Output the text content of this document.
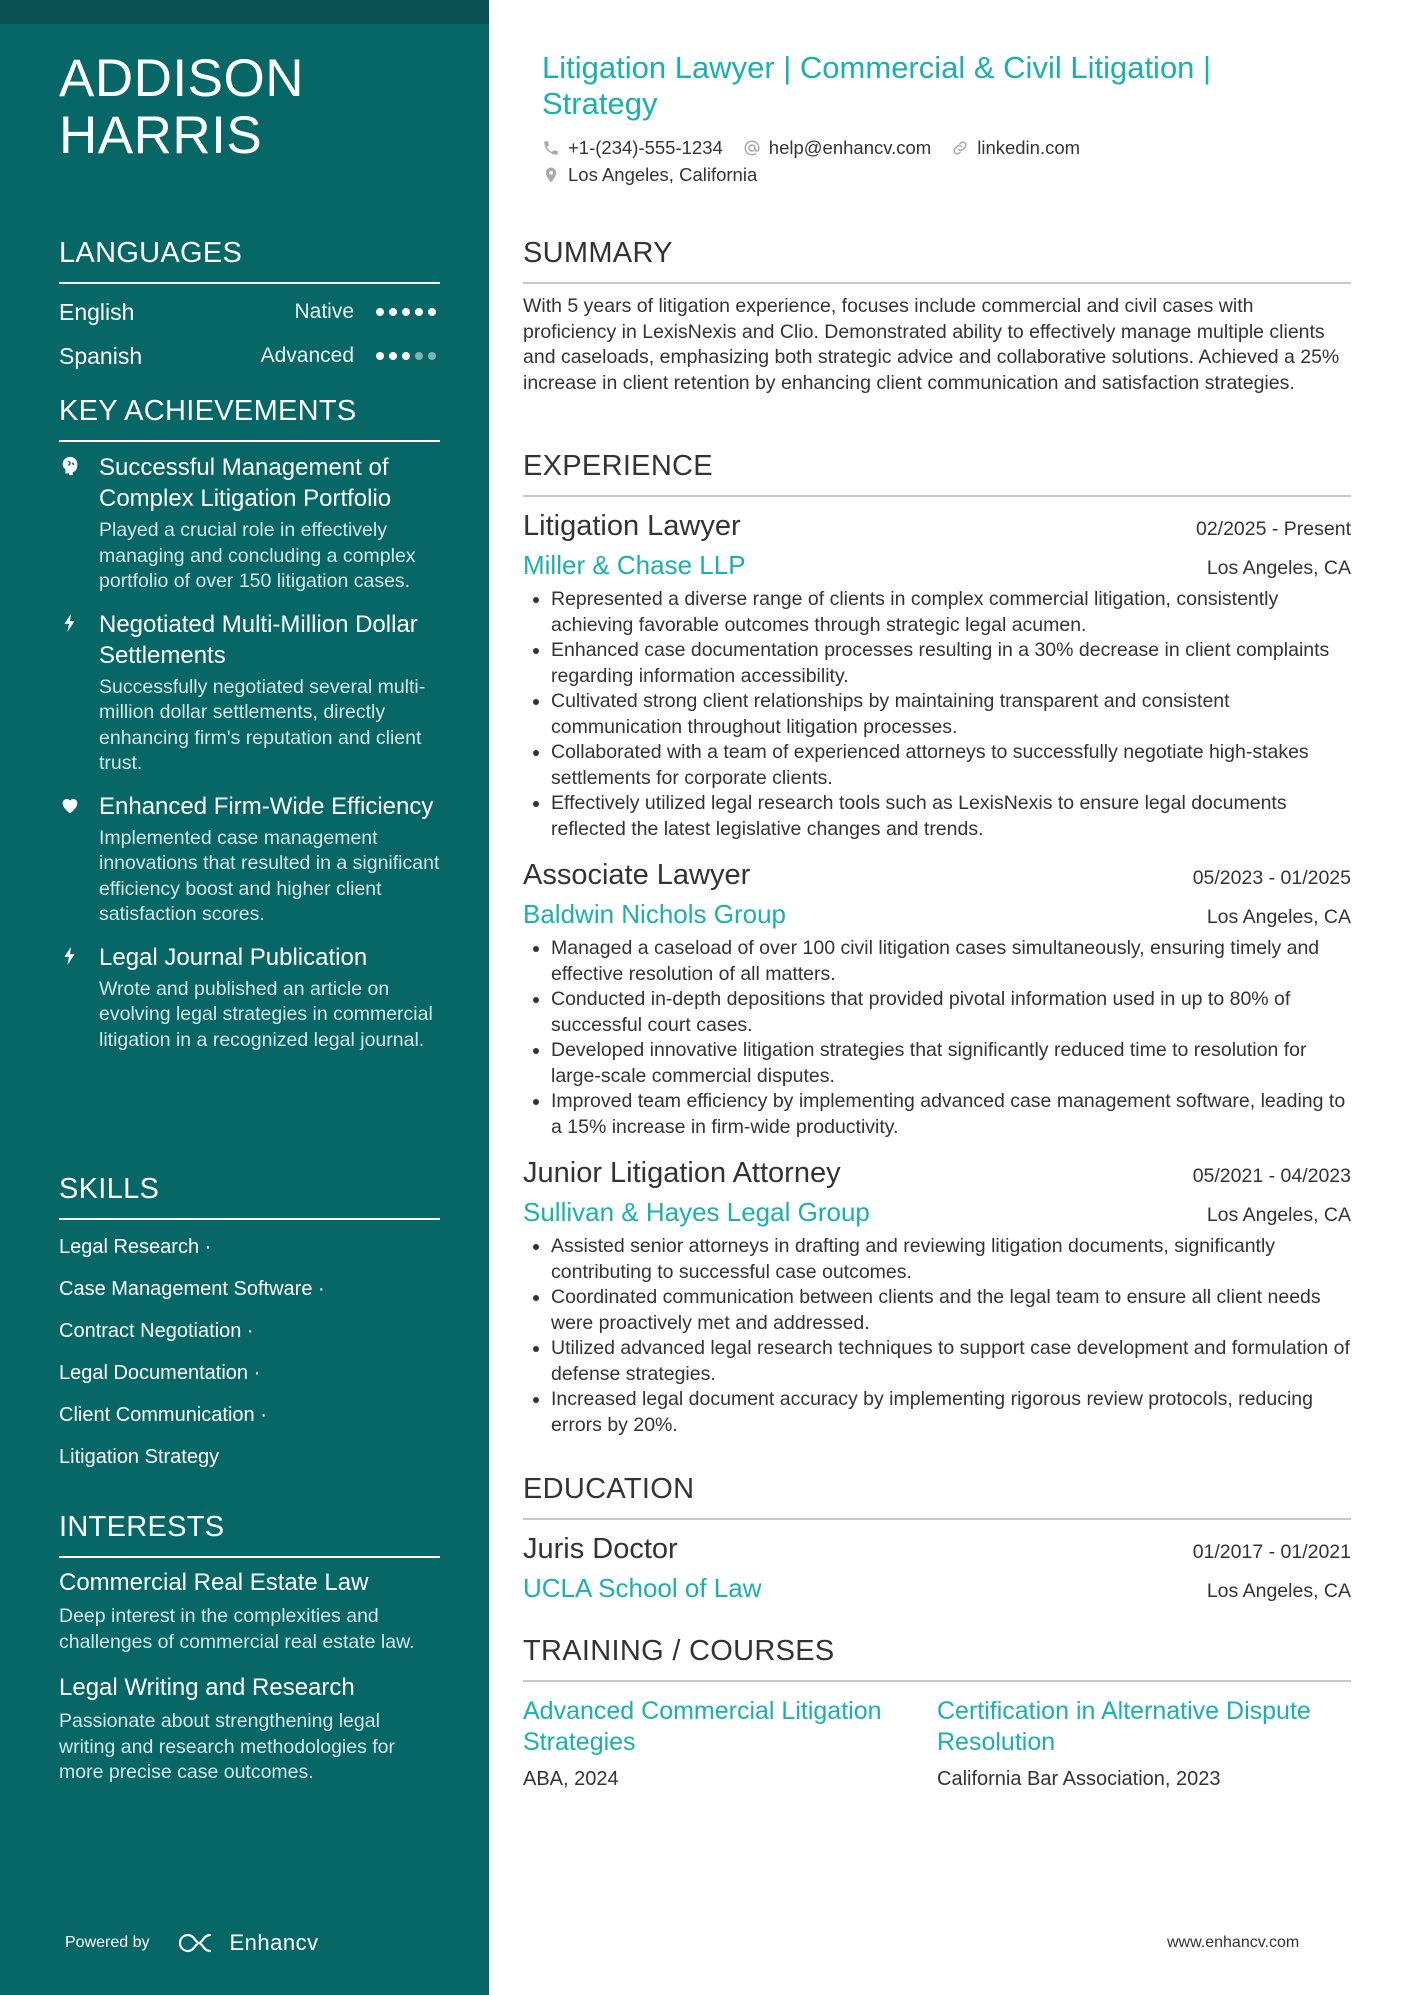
ADDISON
HARRIS
LANGUAGES
English	Native
Spanish	Advanced
KEY ACHIEVEMENTS
Successful Management of Complex Litigation Portfolio
Played a crucial role in effectively managing and concluding a complex portfolio of over 150 litigation cases.
Negotiated Multi-Million Dollar Settlements
Successfully negotiated several multi-million dollar settlements, directly enhancing firm's reputation and client trust.
Enhanced Firm-Wide Efficiency
Implemented case management innovations that resulted in a significant efficiency boost and higher client satisfaction scores.
Legal Journal Publication
Wrote and published an article on evolving legal strategies in commercial litigation in a recognized legal journal.
SKILLS
Legal Research ·
Case Management Software ·
Contract Negotiation ·
Legal Documentation ·
Client Communication ·
Litigation Strategy
INTERESTS
Commercial Real Estate Law
Deep interest in the complexities and challenges of commercial real estate law.
Legal Writing and Research
Passionate about strengthening legal writing and research methodologies for more precise case outcomes.
Powered by	Enhancv
Litigation Lawyer | Commercial & Civil Litigation | Strategy
+1-(234)-555-1234 help@enhancv.com linkedin.com
Los Angeles, California
SUMMARY
With 5 years of litigation experience, focuses include commercial and civil cases with proficiency in LexisNexis and Clio. Demonstrated ability to effectively manage multiple clients and caseloads, emphasizing both strategic advice and collaborative solutions. Achieved a 25% increase in client retention by enhancing client communication and satisfaction strategies.
EXPERIENCE
Litigation Lawyer	02/2025 - Present
Miller & Chase LLP	Los Angeles, CA
Represented a diverse range of clients in complex commercial litigation, consistently achieving favorable outcomes through strategic legal acumen.
Enhanced case documentation processes resulting in a 30% decrease in client complaints regarding information accessibility.
Cultivated strong client relationships by maintaining transparent and consistent communication throughout litigation processes.
Collaborated with a team of experienced attorneys to successfully negotiate high-stakes settlements for corporate clients.
Effectively utilized legal research tools such as LexisNexis to ensure legal documents reflected the latest legislative changes and trends.
Associate Lawyer	05/2023 - 01/2025
Baldwin Nichols Group	Los Angeles, CA
Managed a caseload of over 100 civil litigation cases simultaneously, ensuring timely and effective resolution of all matters.
Conducted in-depth depositions that provided pivotal information used in up to 80% of successful court cases.
Developed innovative litigation strategies that significantly reduced time to resolution for large-scale commercial disputes.
Improved team efficiency by implementing advanced case management software, leading to a 15% increase in firm-wide productivity.
Junior Litigation Attorney	05/2021 - 04/2023
Sullivan & Hayes Legal Group	Los Angeles, CA
Assisted senior attorneys in drafting and reviewing litigation documents, significantly contributing to successful case outcomes.
Coordinated communication between clients and the legal team to ensure all client needs were proactively met and addressed.
Utilized advanced legal research techniques to support case development and formulation of defense strategies.
Increased legal document accuracy by implementing rigorous review protocols, reducing errors by 20%.
EDUCATION
Juris Doctor	01/2017 - 01/2021
UCLA School of Law	Los Angeles, CA
TRAINING / COURSES
Advanced Commercial Litigation Strategies
ABA, 2024
Certification in Alternative Dispute Resolution
California Bar Association, 2023
www.enhancv.com
